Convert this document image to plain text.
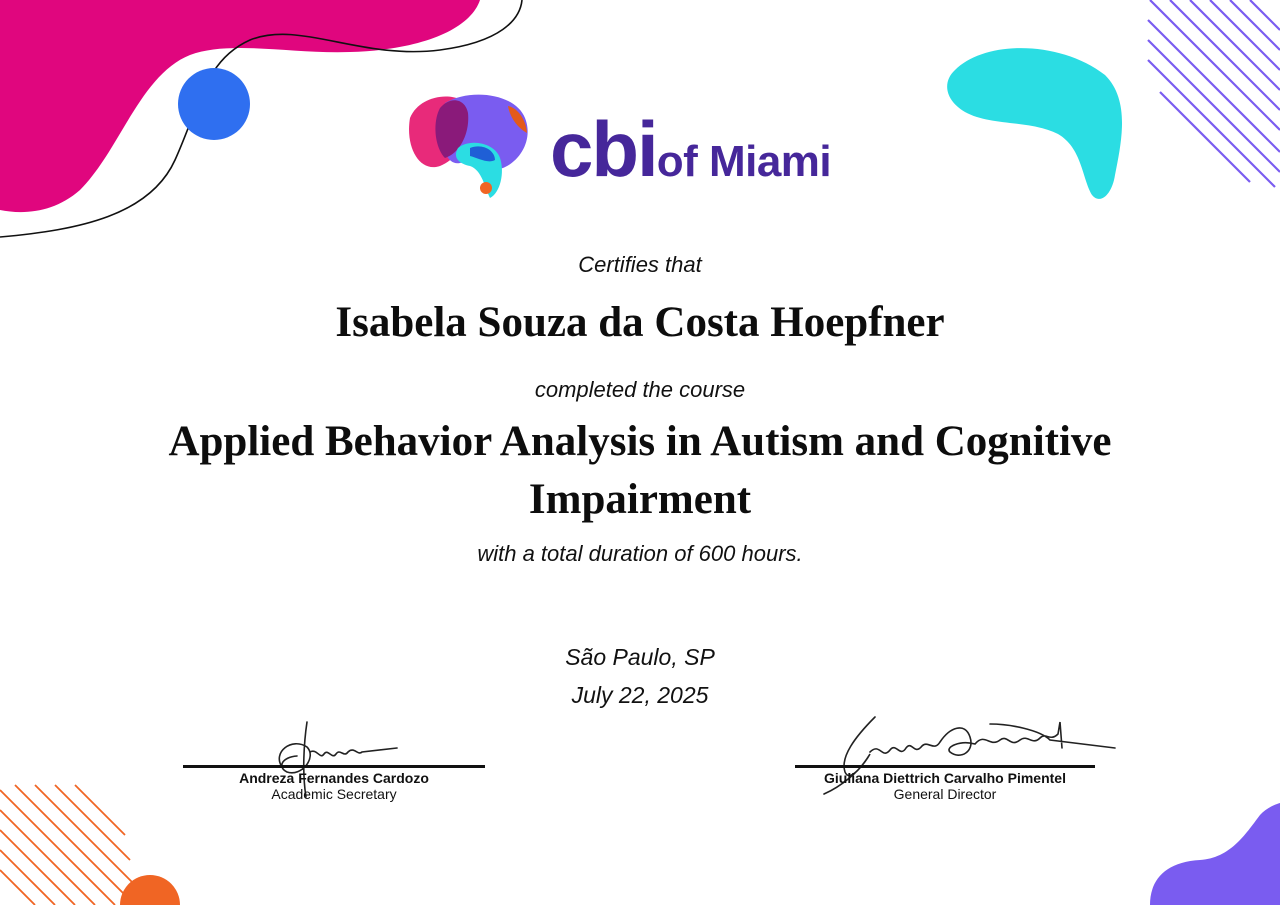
cbiof Miami
Certifies that
Isabela Souza da Costa Hoepfner
completed the course
Applied Behavior Analysis in Autism and Cognitive Impairment
with a total duration of 600 hours.
São Paulo, SP
July 22, 2025
Andreza Fernandes Cardozo
Academic Secretary
Giuliana Diettrich Carvalho Pimentel
General Director
